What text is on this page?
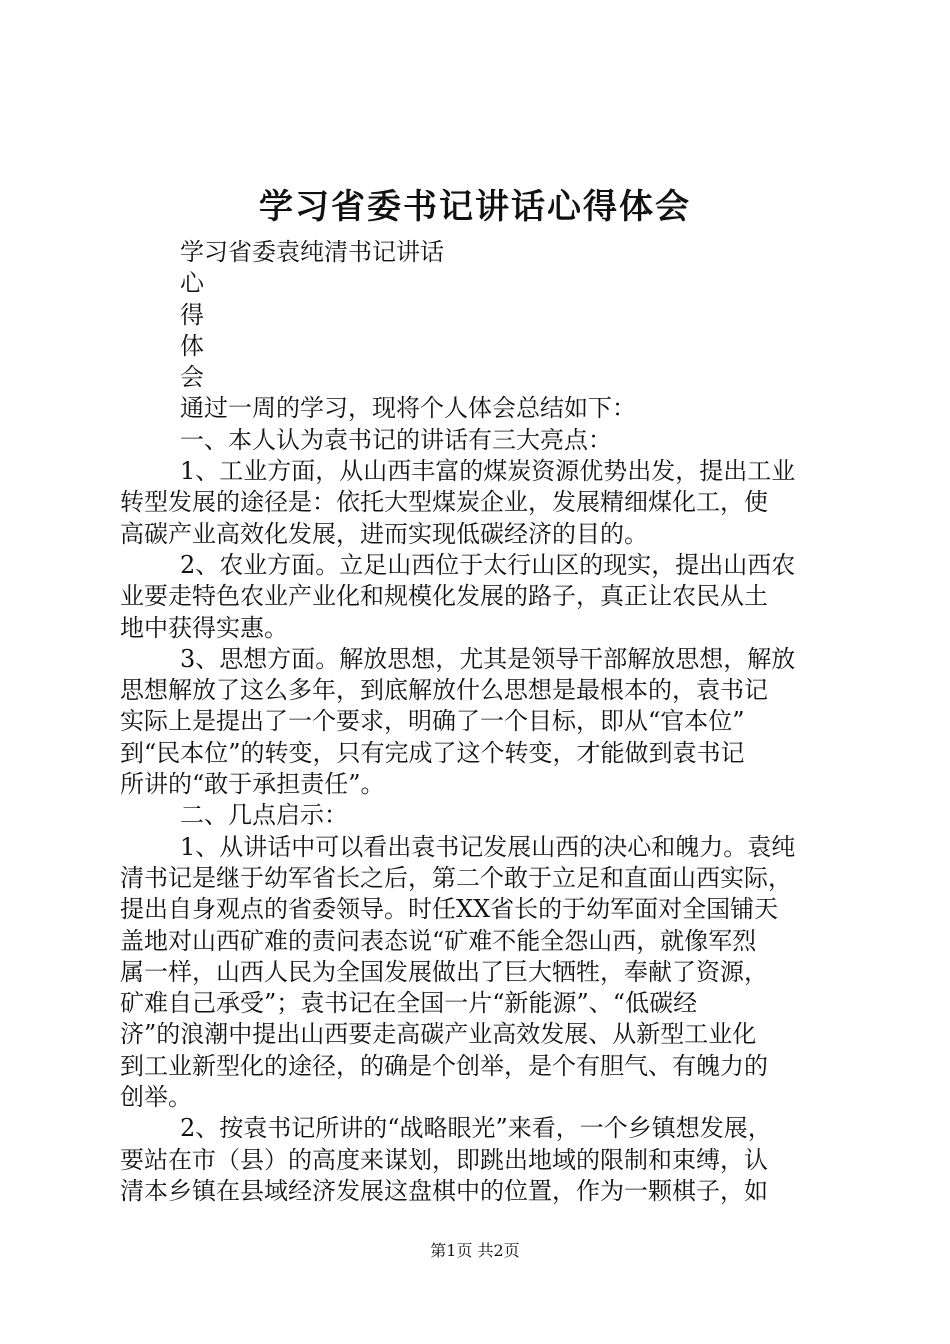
学习省委书记讲话心得体会
学习省委袁纯清书记讲话
心
得
体
会
通过一周的学习，现将个人体会总结如下：
一、本人认为袁书记的讲话有三大亮点：
1、工业方面，从山西丰富的煤炭资源优势出发，提出工业
转型发展的途径是：依托大型煤炭企业，发展精细煤化工，使
高碳产业高效化发展，进而实现低碳经济的目的。
2、农业方面。立足山西位于太行山区的现实，提出山西农
业要走特色农业产业化和规模化发展的路子，真正让农民从土
地中获得实惠。
3、思想方面。解放思想，尤其是领导干部解放思想，解放
思想解放了这么多年，到底解放什么思想是最根本的，袁书记
实际上是提出了一个要求，明确了一个目标，即从“官本位”
到“民本位”的转变，只有完成了这个转变，才能做到袁书记
所讲的“敢于承担责任”。
二、几点启示：
1、从讲话中可以看出袁书记发展山西的决心和魄力。袁纯
清书记是继于幼军省长之后，第二个敢于立足和直面山西实际，
提出自身观点的省委领导。时任XX省长的于幼军面对全国铺天
盖地对山西矿难的责问表态说“矿难不能全怨山西，就像军烈
属一样，山西人民为全国发展做出了巨大牺牲，奉献了资源，
矿难自己承受”；袁书记在全国一片“新能源”、“低碳经
济”的浪潮中提出山西要走高碳产业高效发展、从新型工业化
到工业新型化的途径，的确是个创举，是个有胆气、有魄力的
创举。
2、按袁书记所讲的“战略眼光”来看，一个乡镇想发展，
要站在市（县）的高度来谋划，即跳出地域的限制和束缚，认
清本乡镇在县域经济发展这盘棋中的位置，作为一颗棋子，如
第1页 共2页
